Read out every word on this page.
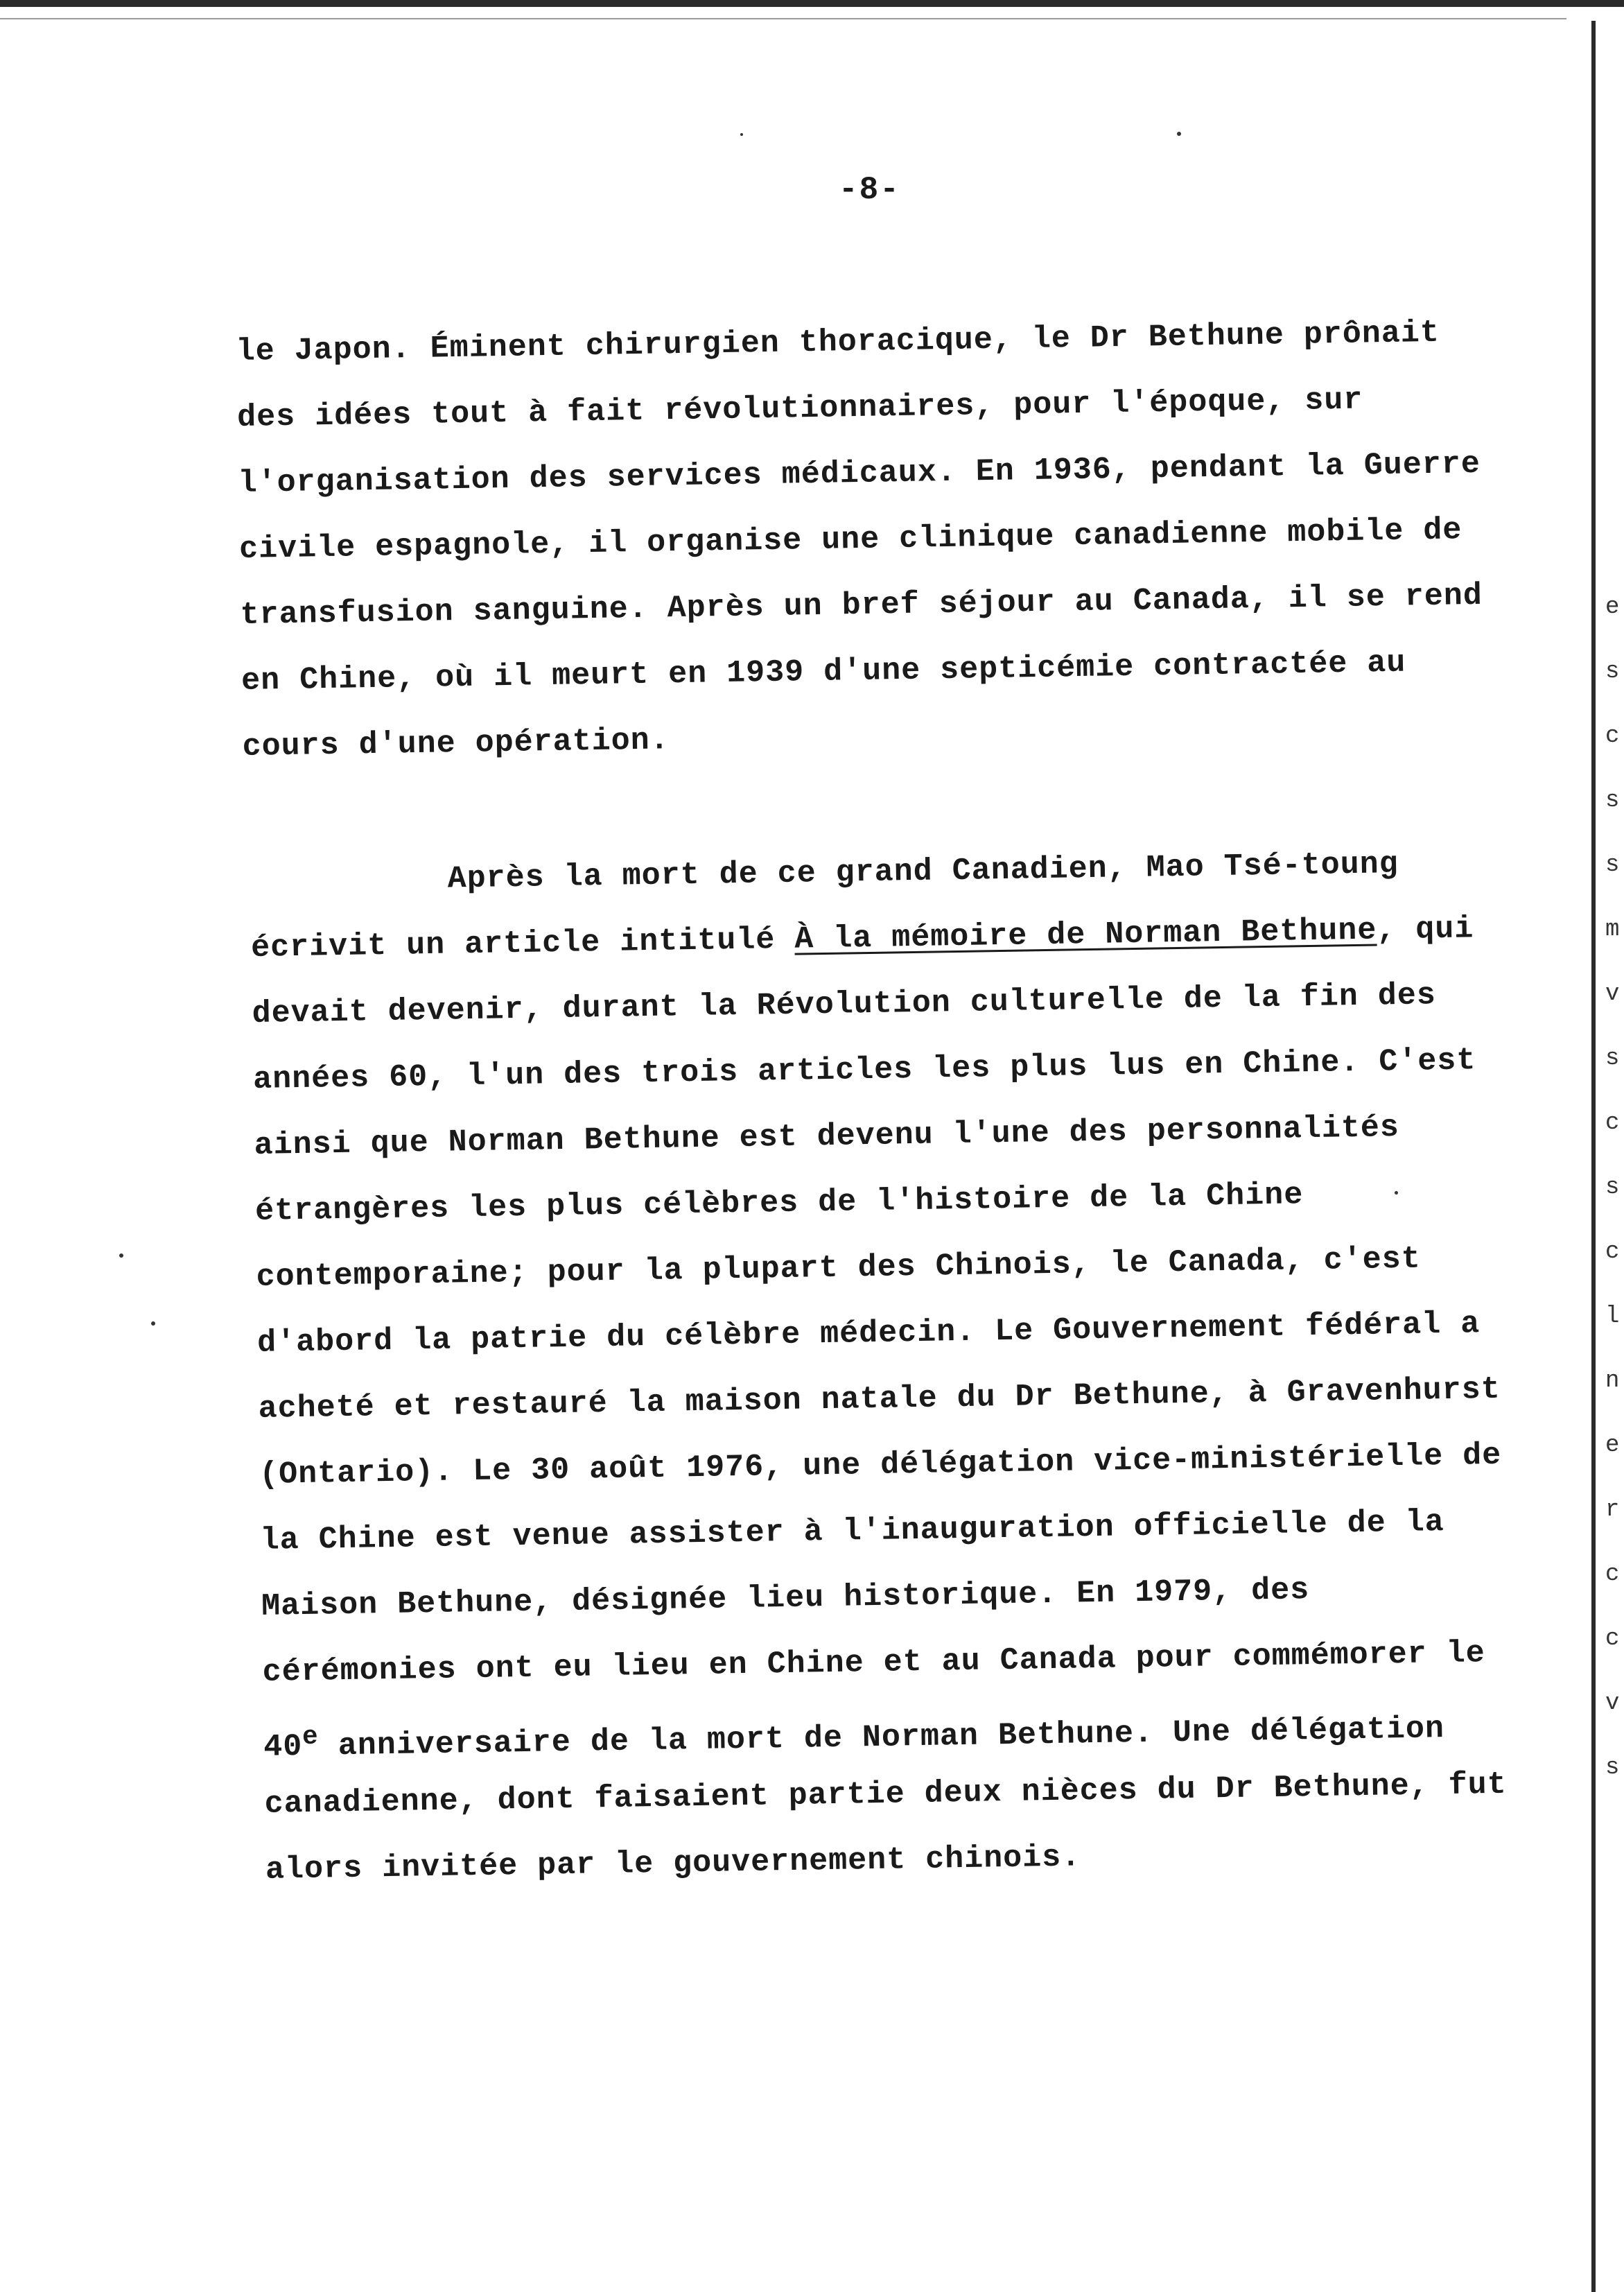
e
s
c
s
s
m
v
s
c
s
c
l
n
e
r
c
c
v
s
-8-
le Japon. Éminent chirurgien thoracique, le Dr Bethune prônait
des idées tout à fait révolutionnaires, pour l'époque, sur
l'organisation des services médicaux. En 1936, pendant la Guerre
civile espagnole, il organise une clinique canadienne mobile de
transfusion sanguine. Après un bref séjour au Canada, il se rend
en Chine, où il meurt en 1939 d'une septicémie contractée au
cours d'une opération.
Après la mort de ce grand Canadien, Mao Tsé-toung
écrivit un article intitulé À la mémoire de Norman Bethune, qui
devait devenir, durant la Révolution culturelle de la fin des
années 60, l'un des trois articles les plus lus en Chine. C'est
ainsi que Norman Bethune est devenu l'une des personnalités
étrangères les plus célèbres de l'histoire de la Chine
contemporaine; pour la plupart des Chinois, le Canada, c'est
d'abord la patrie du célèbre médecin. Le Gouvernement fédéral a
acheté et restauré la maison natale du Dr Bethune, à Gravenhurst
(Ontario). Le 30 août 1976, une délégation vice-ministérielle de
la Chine est venue assister à l'inauguration officielle de la
Maison Bethune, désignée lieu historique. En 1979, des
cérémonies ont eu lieu en Chine et au Canada pour commémorer le
40e anniversaire de la mort de Norman Bethune. Une délégation
canadienne, dont faisaient partie deux nièces du Dr Bethune, fut
alors invitée par le gouvernement chinois.
